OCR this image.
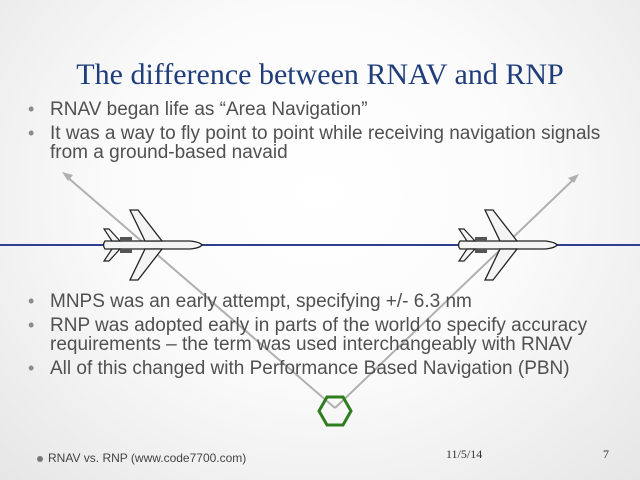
The difference between RNAV and RNP
• RNAV began life as “Area Navigation”
• It was a way to fly point to point while receiving navigation signals from a ground-based navaid
• MNPS was an early attempt, specifying +/- 6.3 nm
• RNP was adopted early in parts of the world to specify accuracy requirements – the term was used interchangeably with RNAV
• All of this changed with Performance Based Navigation (PBN)
RNAV vs. RNP (www.code7700.com)	11/5/14	7
